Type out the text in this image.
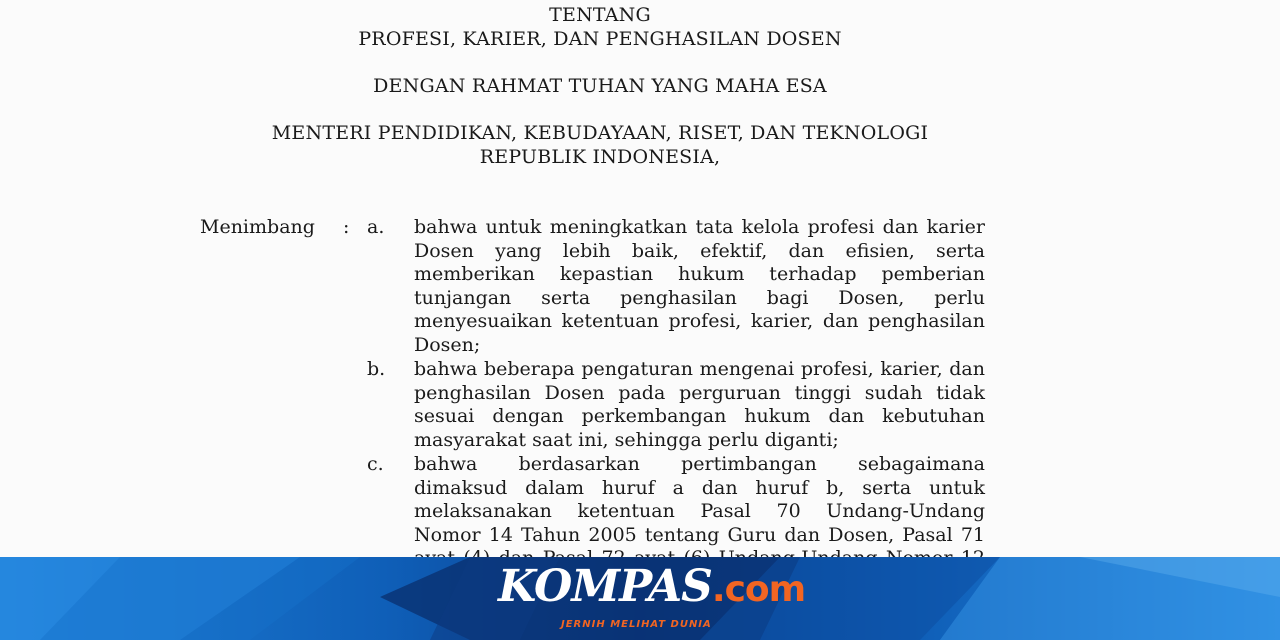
TENTANG
PROFESI, KARIER, DAN PENGHASILAN DOSEN
DENGAN RAHMAT TUHAN YANG MAHA ESA
MENTERI PENDIDIKAN, KEBUDAYAAN, RISET, DAN TEKNOLOGI
REPUBLIK INDONESIA,
Menimbang : a. bahwa untuk meningkatkan tata kelola profesi dan karier
Dosen yang lebih baik, efektif, dan efisien, serta
memberikan kepastian hukum terhadap pemberian
tunjangan serta penghasilan bagi Dosen, perlu
menyesuaikan ketentuan profesi, karier, dan penghasilan
Dosen;
b. bahwa beberapa pengaturan mengenai profesi, karier, dan
penghasilan Dosen pada perguruan tinggi sudah tidak
sesuai dengan perkembangan hukum dan kebutuhan
masyarakat saat ini, sehingga perlu diganti;
c. bahwa berdasarkan pertimbangan sebagaimana
dimaksud dalam huruf a dan huruf b, serta untuk
melaksanakan ketentuan Pasal 70 Undang-Undang
Nomor 14 Tahun 2005 tentang Guru dan Dosen, Pasal 71
KOMPAS.com
JERNIH MELIHAT DUNIA
